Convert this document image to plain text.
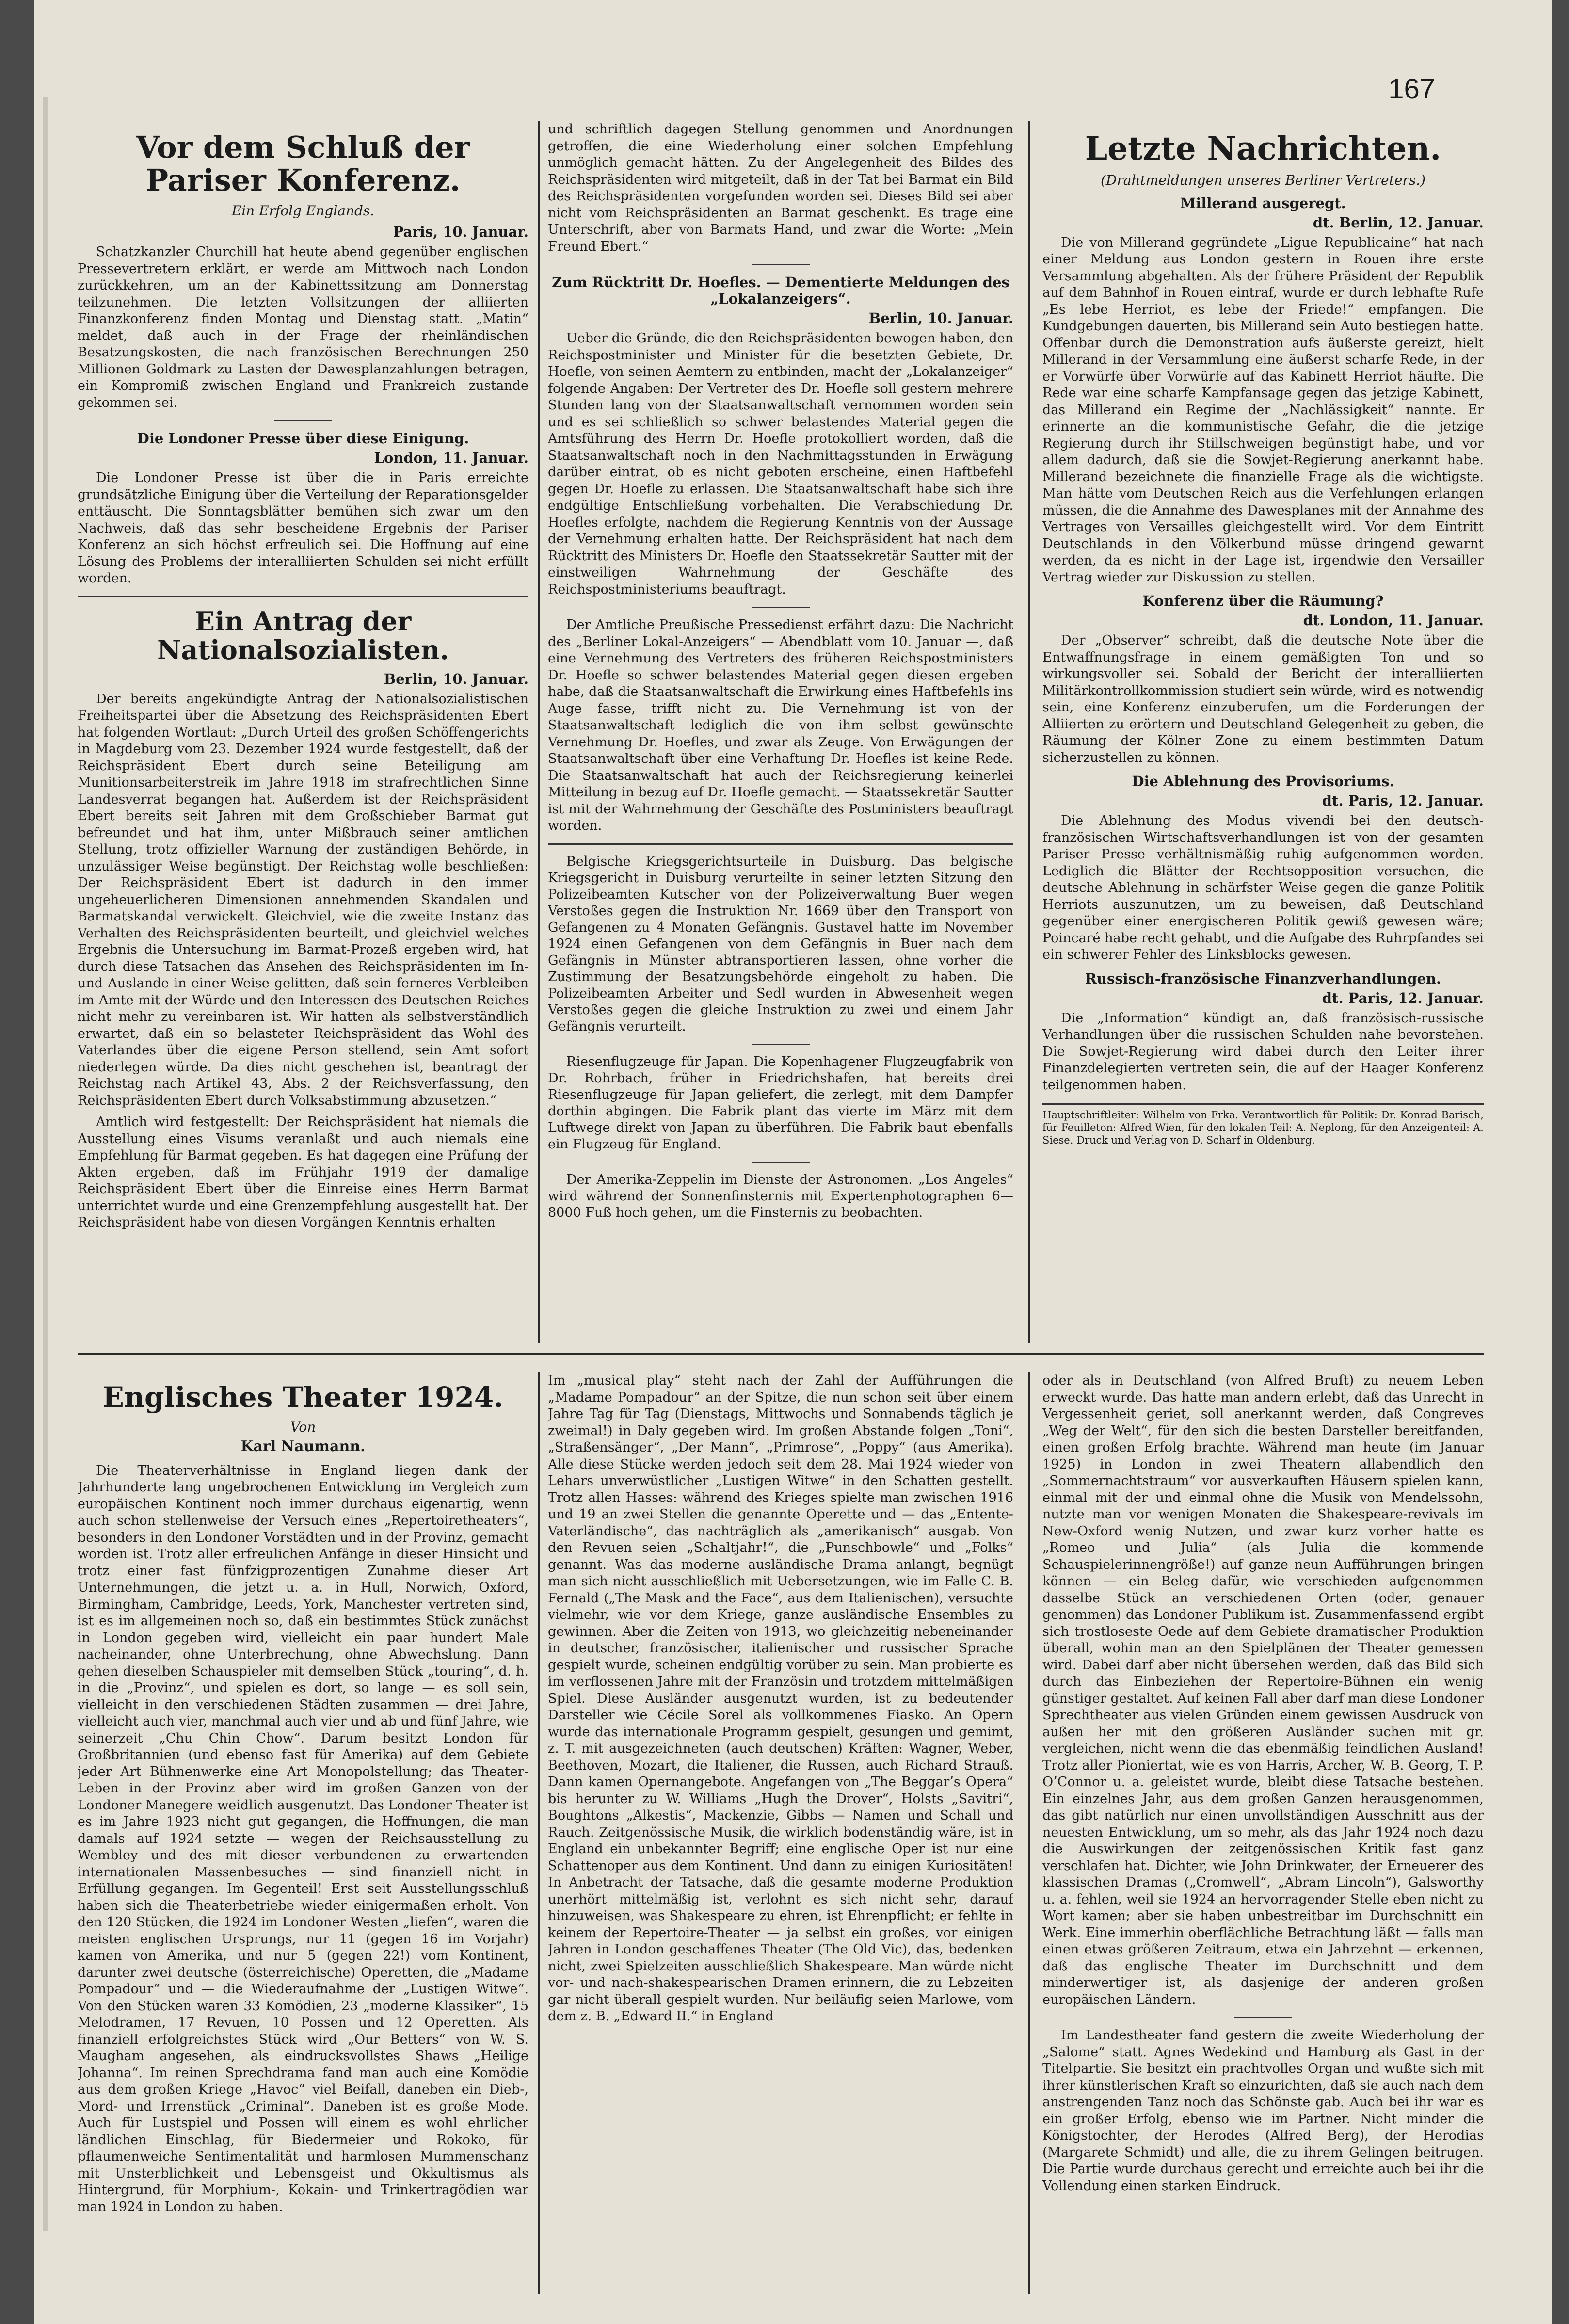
167
Vor dem Schluß der Pariser Konferenz.
Ein Erfolg Englands.
Paris, 10. Januar.

Schatzkanzler Churchill hat heute abend gegenüber englischen Pressevertretern erklärt, er werde am Mittwoch nach London zurückkehren, um an der Kabinettssitzung am Donnerstag teilzunehmen. Die letzten Vollsitzungen der alliierten Finanzkonferenz finden Montag und Dienstag statt. „Matin“ meldet, daß auch in der Frage der rheinländischen Besatzungskosten, die nach französischen Berechnungen 250 Millionen Goldmark zu Lasten der Dawesplanzahlungen betragen, ein Kompromiß zwischen England und Frankreich zustande gekommen sei.

Die Londoner Presse über diese Einigung.
London, 11. Januar.

Die Londoner Presse ist über die in Paris erreichte grundsätzliche Einigung über die Verteilung der Reparationsgelder enttäuscht. Die Sonntagsblätter bemühen sich zwar um den Nachweis, daß das sehr bescheidene Ergebnis der Pariser Konferenz an sich höchst erfreulich sei. Die Hoffnung auf eine Lösung des Problems der interalliierten Schulden sei nicht erfüllt worden.

Ein Antrag der Nationalsozialisten.
Berlin, 10. Januar.

Der bereits angekündigte Antrag der Nationalsozialistischen Freiheitspartei über die Absetzung des Reichspräsidenten Ebert hat folgenden Wortlaut: „Durch Urteil des großen Schöffengerichts in Magdeburg vom 23. Dezember 1924 wurde festgestellt, daß der Reichspräsident Ebert durch seine Beteiligung am Munitionsarbeiterstreik im Jahre 1918 im strafrechtlichen Sinne Landesverrat begangen hat. Außerdem ist der Reichspräsident Ebert bereits seit Jahren mit dem Großschieber Barmat gut befreundet und hat ihm, unter Mißbrauch seiner amtlichen Stellung, trotz offizieller Warnung der zuständigen Behörde, in unzulässiger Weise begünstigt. Der Reichstag wolle beschließen: Der Reichspräsident Ebert ist dadurch in den immer ungeheuerlicheren Dimensionen annehmenden Skandalen und Barmatskandal verwickelt. Gleichviel, wie die zweite Instanz das Verhalten des Reichspräsidenten beurteilt, und gleichviel welches Ergebnis die Untersuchung im Barmat-Prozeß ergeben wird, hat durch diese Tatsachen das Ansehen des Reichspräsidenten im In- und Auslande in einer Weise gelitten, daß sein ferneres Verbleiben im Amte mit der Würde und den Interessen des Deutschen Reiches nicht mehr zu vereinbaren ist. Wir hatten als selbstverständlich erwartet, daß ein so belasteter Reichspräsident das Wohl des Vaterlandes über die eigene Person stellend, sein Amt sofort niederlegen würde. Da dies nicht geschehen ist, beantragt der Reichstag nach Artikel 43, Abs. 2 der Reichsverfassung, den Reichspräsidenten Ebert durch Volksabstimmung abzusetzen.“

Amtlich wird festgestellt: Der Reichspräsident hat niemals die Ausstellung eines Visums veranlaßt und auch niemals eine Empfehlung für Barmat gegeben. Es hat dagegen eine Prüfung der Akten ergeben, daß im Frühjahr 1919 der damalige Reichspräsident Ebert über die Einreise eines Herrn Barmat unterrichtet wurde und eine Grenzempfehlung ausgestellt hat. Der Reichspräsident habe von diesen Vorgängen Kenntnis erhalten

und schriftlich dagegen Stellung genommen und Anordnungen getroffen, die eine Wiederholung einer solchen Empfehlung unmöglich gemacht hätten. Zu der Angelegenheit des Bildes des Reichspräsidenten wird mitgeteilt, daß in der Tat bei Barmat ein Bild des Reichspräsidenten vorgefunden worden sei. Dieses Bild sei aber nicht vom Reichspräsidenten an Barmat geschenkt. Es trage eine Unterschrift, aber von Barmats Hand, und zwar die Worte: „Mein Freund Ebert.“

Zum Rücktritt Dr. Hoefles. — Dementierte Meldungen des „Lokalanzeigers“.
Berlin, 10. Januar.

Ueber die Gründe, die den Reichspräsidenten bewogen haben, den Reichspostminister und Minister für die besetzten Gebiete, Dr. Hoefle, von seinen Aemtern zu entbinden, macht der „Lokalanzeiger“ folgende Angaben: Der Vertreter des Dr. Hoefle soll gestern mehrere Stunden lang von der Staatsanwaltschaft vernommen worden sein und es sei schließlich so schwer belastendes Material gegen die Amtsführung des Herrn Dr. Hoefle protokolliert worden, daß die Staatsanwaltschaft noch in den Nachmittagsstunden in Erwägung darüber eintrat, ob es nicht geboten erscheine, einen Haftbefehl gegen Dr. Hoefle zu erlassen. Die Staatsanwaltschaft habe sich ihre endgültige Entschließung vorbehalten. Die Verabschiedung Dr. Hoefles erfolgte, nachdem die Regierung Kenntnis von der Aussage der Vernehmung erhalten hatte. Der Reichspräsident hat nach dem Rücktritt des Ministers Dr. Hoefle den Staatssekretär Sautter mit der einstweiligen Wahrnehmung der Geschäfte des Reichspostministeriums beauftragt.

Der Amtliche Preußische Pressedienst erfährt dazu: Die Nachricht des „Berliner Lokal-Anzeigers“ — Abendblatt vom 10. Januar —, daß eine Vernehmung des Vertreters des früheren Reichspostministers Dr. Hoefle so schwer belastendes Material gegen diesen ergeben habe, daß die Staatsanwaltschaft die Erwirkung eines Haftbefehls ins Auge fasse, trifft nicht zu. Die Vernehmung ist von der Staatsanwaltschaft lediglich die von ihm selbst gewünschte Vernehmung Dr. Hoefles, und zwar als Zeuge. Von Erwägungen der Staatsanwaltschaft über eine Verhaftung Dr. Hoefles ist keine Rede. Die Staatsanwaltschaft hat auch der Reichsregierung keinerlei Mitteilung in bezug auf Dr. Hoefle gemacht. — Staatssekretär Sautter ist mit der Wahrnehmung der Geschäfte des Postministers beauftragt worden.

Belgische Kriegsgerichtsurteile in Duisburg. Das belgische Kriegsgericht in Duisburg verurteilte in seiner letzten Sitzung den Polizeibeamten Kutscher von der Polizeiverwaltung Buer wegen Verstoßes gegen die Instruktion Nr. 1669 über den Transport von Gefangenen zu 4 Monaten Gefängnis. Gustavel hatte im November 1924 einen Gefangenen von dem Gefängnis in Buer nach dem Gefängnis in Münster abtransportieren lassen, ohne vorher die Zustimmung der Besatzungsbehörde eingeholt zu haben. Die Polizeibeamten Arbeiter und Sedl wurden in Abwesenheit wegen Verstoßes gegen die gleiche Instruktion zu zwei und einem Jahr Gefängnis verurteilt.

Riesenflugzeuge für Japan. Die Kopenhagener Flugzeugfabrik von Dr. Rohrbach, früher in Friedrichshafen, hat bereits drei Riesenflugzeuge für Japan geliefert, die zerlegt, mit dem Dampfer dorthin abgingen. Die Fabrik plant das vierte im März mit dem Luftwege direkt von Japan zu überführen. Die Fabrik baut ebenfalls ein Flugzeug für England.

Der Amerika-Zeppelin im Dienste der Astronomen. „Los Angeles“ wird während der Sonnenfinsternis mit Expertenphotographen 6—8000 Fuß hoch gehen, um die Finsternis zu beobachten.

Letzte Nachrichten.
(Drahtmeldungen unseres Berliner Vertreters.)
Millerand ausgeregt.
dt. Berlin, 12. Januar.

Die von Millerand gegründete „Ligue Republicaine“ hat nach einer Meldung aus London gestern in Rouen ihre erste Versammlung abgehalten. Als der frühere Präsident der Republik auf dem Bahnhof in Rouen eintraf, wurde er durch lebhafte Rufe „Es lebe Herriot, es lebe der Friede!“ empfangen. Die Kundgebungen dauerten, bis Millerand sein Auto bestiegen hatte. Offenbar durch die Demonstration aufs äußerste gereizt, hielt Millerand in der Versammlung eine äußerst scharfe Rede, in der er Vorwürfe über Vorwürfe auf das Kabinett Herriot häufte. Die Rede war eine scharfe Kampfansage gegen das jetzige Kabinett, das Millerand ein Regime der „Nachlässigkeit“ nannte. Er erinnerte an die kommunistische Gefahr, die die jetzige Regierung durch ihr Stillschweigen begünstigt habe, und vor allem dadurch, daß sie die Sowjet-Regierung anerkannt habe. Millerand bezeichnete die finanzielle Frage als die wichtigste. Man hätte vom Deutschen Reich aus die Verfehlungen erlangen müssen, die die Annahme des Dawesplanes mit der Annahme des Vertrages von Versailles gleichgestellt wird. Vor dem Eintritt Deutschlands in den Völkerbund müsse dringend gewarnt werden, da es nicht in der Lage ist, irgendwie den Versailler Vertrag wieder zur Diskussion zu stellen.

Konferenz über die Räumung?
dt. London, 11. Januar.

Der „Observer“ schreibt, daß die deutsche Note über die Entwaffnungsfrage in einem gemäßigten Ton und so wirkungsvoller sei. Sobald der Bericht der interalliierten Militärkontrollkommission studiert sein würde, wird es notwendig sein, eine Konferenz einzuberufen, um die Forderungen der Alliierten zu erörtern und Deutschland Gelegenheit zu geben, die Räumung der Kölner Zone zu einem bestimmten Datum sicherzustellen zu können.

Die Ablehnung des Provisoriums.
dt. Paris, 12. Januar.

Die Ablehnung des Modus vivendi bei den deutsch-französischen Wirtschaftsverhandlungen ist von der gesamten Pariser Presse verhältnismäßig ruhig aufgenommen worden. Lediglich die Blätter der Rechtsopposition versuchen, die deutsche Ablehnung in schärfster Weise gegen die ganze Politik Herriots auszunutzen, um zu beweisen, daß Deutschland gegenüber einer energischeren Politik gewiß gewesen wäre; Poincaré habe recht gehabt, und die Aufgabe des Ruhrpfandes sei ein schwerer Fehler des Linksblocks gewesen.

Russisch-französische Finanzverhandlungen.
dt. Paris, 12. Januar.

Die „Information“ kündigt an, daß französisch-russische Verhandlungen über die russischen Schulden nahe bevorstehen. Die Sowjet-Regierung wird dabei durch den Leiter ihrer Finanzdelegierten vertreten sein, die auf der Haager Konferenz teilgenommen haben.

Hauptschriftleiter: Wilhelm von Frka. Verantwortlich für Politik: Dr. Konrad Barisch, für Feuilleton: Alfred Wien, für den lokalen Teil: A. Neplong, für den Anzeigenteil: A. Siese. Druck und Verlag von D. Scharf in Oldenburg.
Englisches Theater 1924.
Von
Karl Naumann.

Die Theaterverhältnisse in England liegen dank der Jahrhunderte lang ungebrochenen Entwicklung im Vergleich zum europäischen Kontinent noch immer durchaus eigenartig, wenn auch schon stellenweise der Versuch eines „Repertoiretheaters“, besonders in den Londoner Vorstädten und in der Provinz, gemacht worden ist. Trotz aller erfreulichen Anfänge in dieser Hinsicht und trotz einer fast fünfzigprozentigen Zunahme dieser Art Unternehmungen, die jetzt u. a. in Hull, Norwich, Oxford, Birmingham, Cambridge, Leeds, York, Manchester vertreten sind, ist es im allgemeinen noch so, daß ein bestimmtes Stück zunächst in London gegeben wird, vielleicht ein paar hundert Male nacheinander, ohne Unterbrechung, ohne Abwechslung. Dann gehen dieselben Schauspieler mit demselben Stück „touring“, d. h. in die „Provinz“, und spielen es dort, so lange — es soll sein, vielleicht in den verschiedenen Städten zusammen — drei Jahre, vielleicht auch vier, manchmal auch vier und ab und fünf Jahre, wie seinerzeit „Chu Chin Chow“. Darum besitzt London für Großbritannien (und ebenso fast für Amerika) auf dem Gebiete jeder Art Bühnenwerke eine Art Monopolstellung; das Theater-Leben in der Provinz aber wird im großen Ganzen von der Londoner Manegere weidlich ausgenutzt. Das Londoner Theater ist es im Jahre 1923 nicht gut gegangen, die Hoffnungen, die man damals auf 1924 setzte — wegen der Reichsausstellung zu Wembley und des mit dieser verbundenen zu erwartenden internationalen Massenbesuches — sind finanziell nicht in Erfüllung gegangen. Im Gegenteil! Erst seit Ausstellungsschluß haben sich die Theaterbetriebe wieder einigermaßen erholt. Von den 120 Stücken, die 1924 im Londoner Westen „liefen“, waren die meisten englischen Ursprungs, nur 11 (gegen 16 im Vorjahr) kamen von Amerika, und nur 5 (gegen 22!) vom Kontinent, darunter zwei deutsche (österreichische) Operetten, die „Madame Pompadour“ und — die Wiederaufnahme der „Lustigen Witwe“. Von den Stücken waren 33 Komödien, 23 „moderne Klassiker“, 15 Melodramen, 17 Revuen, 10 Possen und 12 Operetten. Als finanziell erfolgreichstes Stück wird „Our Betters“ von W. S. Maugham angesehen, als eindrucksvollstes Shaws „Heilige Johanna“. Im reinen Sprechdrama fand man auch eine Komödie aus dem großen Kriege „Havoc“ viel Beifall, daneben ein Dieb-, Mord- und Irrenstück „Criminal“. Daneben ist es große Mode. Auch für Lustspiel und Possen will einem es wohl ehrlicher ländlichen Einschlag, für Biedermeier und Rokoko, für pflaumenweiche Sentimentalität und harmlosen Mummenschanz mit Unsterblichkeit und Lebensgeist und Okkultismus als Hintergrund, für Morphium-, Kokain- und Trinkertragödien war man 1924 in London zu haben.

Im „musical play“ steht nach der Zahl der Aufführungen die „Madame Pompadour“ an der Spitze, die nun schon seit über einem Jahre Tag für Tag (Dienstags, Mittwochs und Sonnabends täglich je zweimal!) in Daly gegeben wird. Im großen Abstande folgen „Toni“, „Straßensänger“, „Der Mann“, „Primrose“, „Poppy“ (aus Amerika). Alle diese Stücke werden jedoch seit dem 28. Mai 1924 wieder von Lehars unverwüstlicher „Lustigen Witwe“ in den Schatten gestellt. Trotz allen Hasses: während des Krieges spielte man zwischen 1916 und 19 an zwei Stellen die genannte Operette und — das „Entente-Vaterländische“, das nachträglich als „amerikanisch“ ausgab. Von den Revuen seien „Schaltjahr!“, die „Punschbowle“ und „Folks“ genannt. Was das moderne ausländische Drama anlangt, begnügt man sich nicht ausschließlich mit Uebersetzungen, wie im Falle C. B. Fernald („The Mask and the Face“, aus dem Italienischen), versuchte vielmehr, wie vor dem Kriege, ganze ausländische Ensembles zu gewinnen. Aber die Zeiten von 1913, wo gleichzeitig nebeneinander in deutscher, französischer, italienischer und russischer Sprache gespielt wurde, scheinen endgültig vorüber zu sein. Man probierte es im verflossenen Jahre mit der Französin und trotzdem mittelmäßigen Spiel. Diese Ausländer ausgenutzt wurden, ist zu bedeutender Darsteller wie Cécile Sorel als vollkommenes Fiasko. An Opern wurde das internationale Programm gespielt, gesungen und gemimt, z. T. mit ausgezeichneten (auch deutschen) Kräften: Wagner, Weber, Beethoven, Mozart, die Italiener, die Russen, auch Richard Strauß. Dann kamen Opernangebote. Angefangen von „The Beggar’s Opera“ bis herunter zu W. Williams „Hugh the Drover“, Holsts „Savitri“, Boughtons „Alkestis“, Mackenzie, Gibbs — Namen und Schall und Rauch. Zeitgenössische Musik, die wirklich bodenständig wäre, ist in England ein unbekannter Begriff; eine englische Oper ist nur eine Schattenoper aus dem Kontinent. Und dann zu einigen Kuriositäten! In Anbetracht der Tatsache, daß die gesamte moderne Produktion unerhört mittelmäßig ist, verlohnt es sich nicht sehr, darauf hinzuweisen, was Shakespeare zu ehren, ist Ehrenpflicht; er fehlte in keinem der Repertoire-Theater — ja selbst ein großes, vor einigen Jahren in London geschaffenes Theater (The Old Vic), das, bedenken nicht, zwei Spielzeiten ausschließlich Shakespeare. Man würde nicht vor- und nach-shakespearischen Dramen erinnern, die zu Lebzeiten gar nicht überall gespielt wurden. Nur beiläufig seien Marlowe, vom dem z. B. „Edward II.“ in England

oder als in Deutschland (von Alfred Bruſt) zu neuem Leben erweckt wurde. Das hatte man andern erlebt, daß das Unrecht in Vergessenheit geriet, soll anerkannt werden, daß Congreves „Weg der Welt“, für den sich die besten Darsteller bereitfanden, einen großen Erfolg brachte. Während man heute (im Januar 1925) in London in zwei Theatern allabendlich den „Sommernachtstraum“ vor ausverkauften Häusern spielen kann, einmal mit der und einmal ohne die Musik von Mendelssohn, nutzte man vor wenigen Monaten die Shakespeare-revivals im New-Oxford wenig Nutzen, und zwar kurz vorher hatte es „Romeo und Julia“ (als Julia die kommende Schauspielerinnengröße!) auf ganze neun Aufführungen bringen können — ein Beleg dafür, wie verschieden aufgenommen dasselbe Stück an verschiedenen Orten (oder, genauer genommen) das Londoner Publikum ist. Zusammenfassend ergibt sich trostloseste Oede auf dem Gebiete dramatischer Produktion überall, wohin man an den Spielplänen der Theater gemessen wird. Dabei darf aber nicht übersehen werden, daß das Bild sich durch das Einbeziehen der Repertoire-Bühnen ein wenig günstiger gestaltet. Auf keinen Fall aber darf man diese Londoner Sprechtheater aus vielen Gründen einem gewissen Ausdruck von außen her mit den größeren Ausländer suchen mit gr. vergleichen, nicht wenn die das ebenmäßig feindlichen Ausland! Trotz aller Pioniertat, wie es von Harris, Archer, W. B. Georg, T. P. O’Connor u. a. geleistet wurde, bleibt diese Tatsache bestehen. Ein einzelnes Jahr, aus dem großen Ganzen herausgenommen, das gibt natürlich nur einen unvollständigen Ausschnitt aus der neuesten Entwicklung, um so mehr, als das Jahr 1924 noch dazu die Auswirkungen der zeitgenössischen Kritik fast ganz verschlafen hat. Dichter, wie John Drinkwater, der Erneuerer des klassischen Dramas („Cromwell“, „Abram Lincoln“), Galsworthy u. a. fehlen, weil sie 1924 an hervorragender Stelle eben nicht zu Wort kamen; aber sie haben unbestreitbar im Durchschnitt ein Werk. Eine immerhin oberflächliche Betrachtung läßt — falls man einen etwas größeren Zeitraum, etwa ein Jahrzehnt — erkennen, daß das englische Theater im Durchschnitt und dem minderwertiger ist, als dasjenige der anderen großen europäischen Ländern.

Im Landestheater fand gestern die zweite Wiederholung der „Salome“ statt. Agnes Wedekind und Hamburg als Gast in der Titelpartie. Sie besitzt ein prachtvolles Organ und wußte sich mit ihrer künstlerischen Kraft so einzurichten, daß sie auch nach dem anstrengenden Tanz noch das Schönste gab. Auch bei ihr war es ein großer Erfolg, ebenso wie im Partner. Nicht minder die Königstochter, der Herodes (Alfred Berg), der Herodias (Margarete Schmidt) und alle, die zu ihrem Gelingen beitrugen. Die Partie wurde durchaus gerecht und erreichte auch bei ihr die Vollendung einen starken Eindruck.
